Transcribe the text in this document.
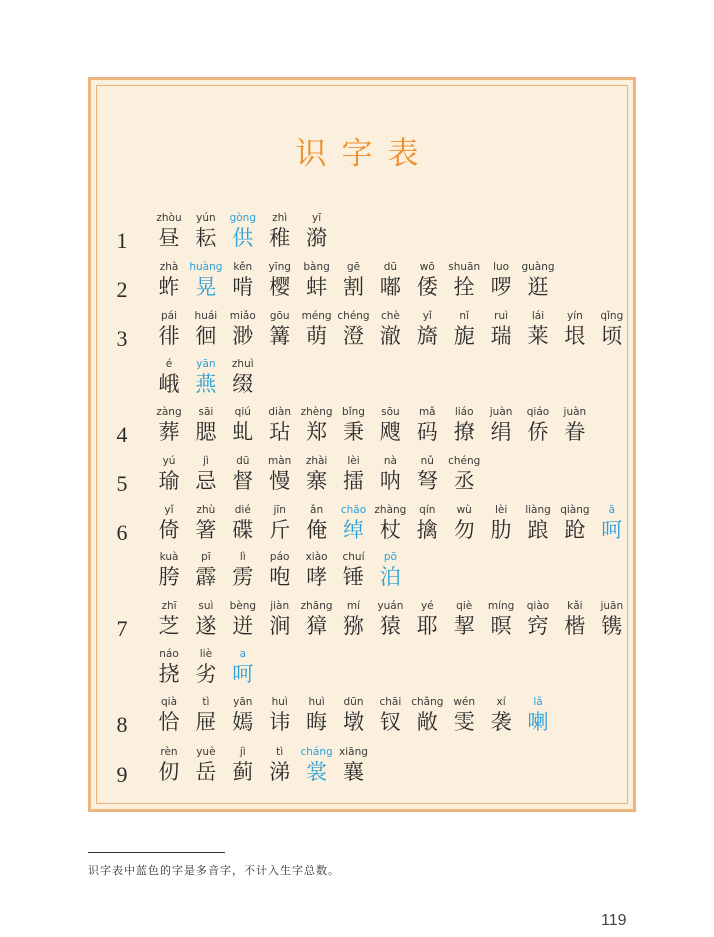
识字表
1
zhòu
昼
yún
耘
gòng
供
zhì
稚
yī
漪
2
zhà
蚱
huàng
晃
kěn
啃
yīng
樱
bàng
蚌
gē
割
dū
嘟
wō
倭
shuān
拴
luo
啰
guàng
逛
3
pái
徘
huái
徊
miǎo
渺
gōu
篝
méng
萌
chéng
澄
chè
澈
yǐ
旖
nǐ
旎
ruì
瑞
lái
莱
yín
垠
qǐng
顷
é
峨
yān
燕
zhuì
缀
4
zàng
葬
sāi
腮
qiú
虬
diàn
玷
zhèng
郑
bǐng
秉
sōu
飕
mǎ
码
liáo
撩
juàn
绢
qiáo
侨
juàn
眷
5
yú
瑜
jì
忌
dū
督
màn
慢
zhài
寨
lèi
擂
nà
呐
nǔ
弩
chéng
丞
6
yǐ
倚
zhù
箸
dié
碟
jīn
斤
ǎn
俺
chāo
绰
zhàng
杖
qín
擒
wù
勿
lèi
肋
liàng
踉
qiàng
跄
ā
呵
kuà
胯
pī
霹
lì
雳
páo
咆
xiào
哮
chuí
锤
pō
泊
7
zhī
芝
suì
遂
bèng
迸
jiàn
涧
zhāng
獐
mí
猕
yuán
猿
yé
耶
qiè
挈
míng
暝
qiào
窍
kǎi
楷
juān
镌
náo
挠
liè
劣
a
呵
8
qià
恰
tì
屉
yān
嫣
huì
讳
huì
晦
dūn
墩
chāi
钗
chǎng
敞
wén
雯
xí
袭
lǎ
喇
9
rèn
仞
yuè
岳
jì
蓟
tì
涕
cháng
裳
xiāng
襄
识字表中蓝色的字是多音字，不计入生字总数。
119
